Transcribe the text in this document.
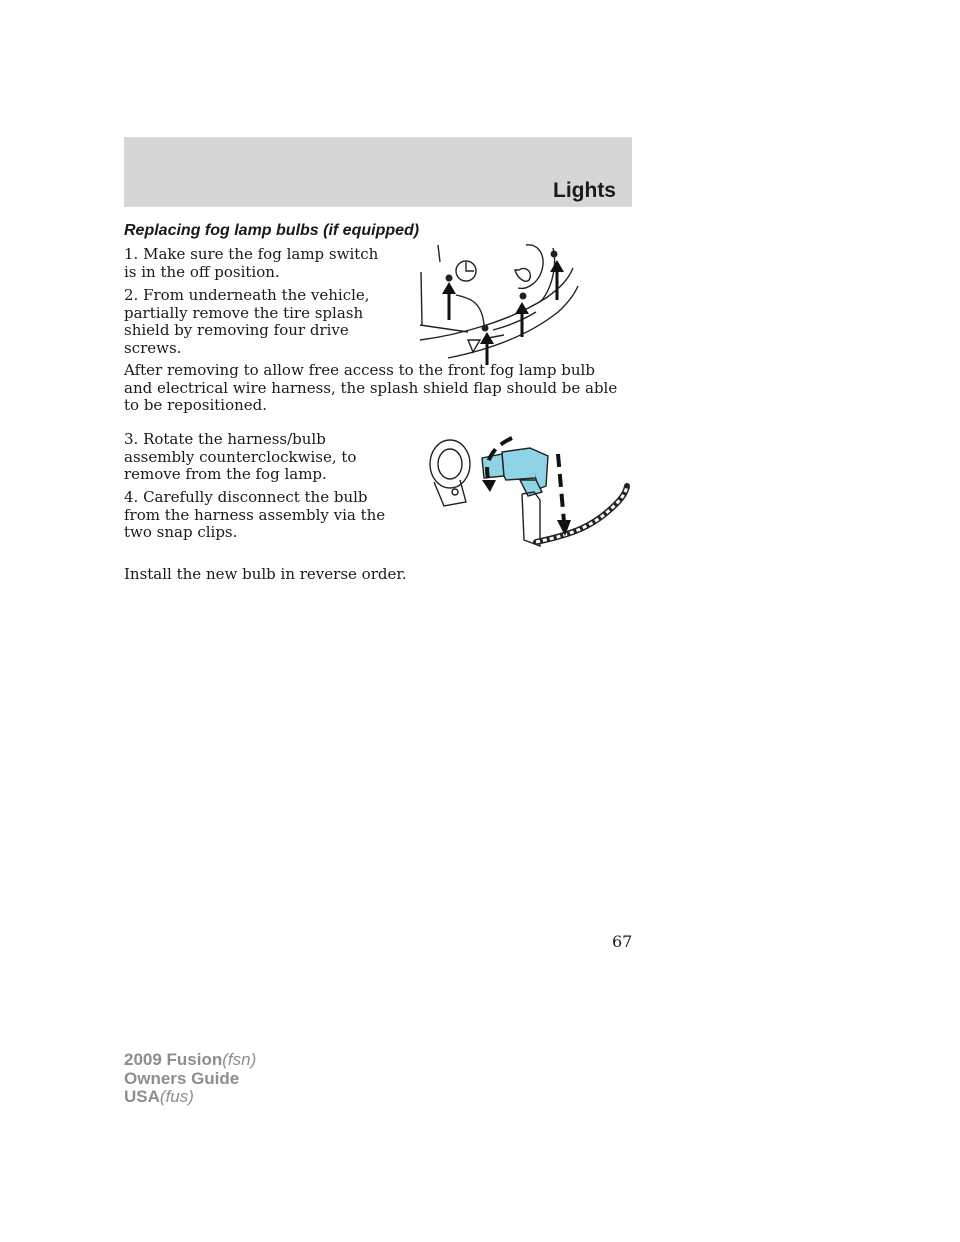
Lights
Replacing fog lamp bulbs (if equipped)

1. Make sure the fog lamp switch is in the off position.

2. From underneath the vehicle, partially remove the tire splash shield by removing four drive screws.

After removing to allow free access to the front fog lamp bulb and electrical wire harness, the splash shield flap should be able to be repositioned.

3. Rotate the harness/bulb assembly counterclockwise, to remove from the fog lamp.

4. Carefully disconnect the bulb from the harness assembly via the two snap clips.

Install the new bulb in reverse order.

67
2009 Fusion(fsn)
Owners Guide
USA(fus)
